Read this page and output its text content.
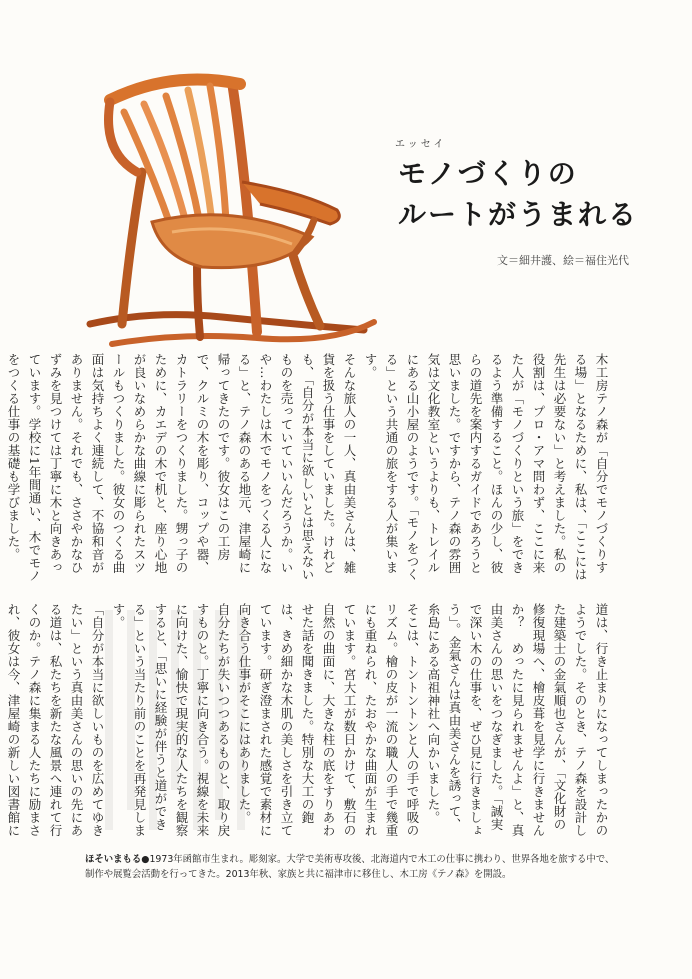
エッセイ
モノづくりの
ルートがうまれる
文＝細井護、絵＝福住光代

木工房テノ森が「自分でモノづくりする場」となるために、私は、「ここには先生は必要ない」と考えました。私の役割は、プロ・アマ問わず、ここに来た人が「モノづくりという旅」をできるよう準備すること。ほんの少し、彼らの道先を案内するガイドであろうと思いました。ですから、テノ森の雰囲気は文化教室というよりも、トレイルにある山小屋のようです。「モノをつくる」という共通の旅をする人が集います。

そんな旅人の一人、真由美さんは、雑貨を扱う仕事をしていました。けれども、「自分が本当に欲しいとは思えないものを売っていていいんだろうか。いや…わたしは木でモノをつくる人になる」と、テノ森のある地元、津屋崎に帰ってきたのです。彼女はこの工房で、クルミの木を彫り、コップや器、カトラリーをつくりました。甥っ子のために、カエデの木で机と、座り心地が良いなめらかな曲線に彫られたスツールもつくりました。彼女のつくる曲面は気持ちよく連続して、不協和音がありません。それでも、ささやかなひずみを見つけては丁寧に木と向きあっています。学校に1年間通い、木でモノをつくる仕事の基礎も学びました。

道は、行き止まりになってしまったかのようでした。そのとき、テノ森を設計した建築士の金氣順也さんが、「文化財の修復現場へ、檜皮葺を見学に行きませんか？　めったに見られませんよ」と、真由美さんの思いをつなぎました。「誠実で深い木の仕事を、ぜひ見に行きましょう」。金氣さんは真由美さんを誘って、糸島にある高祖神社へ向かいました。

そこは、トントントンと人の手で呼吸のリズム。檜の皮が一流の職人の手で幾重にも重ねられ、たおやかな曲面が生まれています。宮大工が数日かけて、敷石の自然の曲面に、大きな柱の底をすりあわせた話を聞きました。特別な大工の鉋は、きめ細かな木肌の美しさを引き立てています。研ぎ澄まされた感覚で素材に向き合う仕事がそこにはありました。

自分たちが失いつつあるものと、取り戻すものと。丁寧に向き合う。視線を未来に向けた、愉快で現実的な人たちを観察すると、「思いに経験が伴うと道ができる」という当たり前のことを再発見します。

「自分が本当に欲しいものを広めてゆきたい」という真由美さんの思いの先にある道は、私たちを新たな風景へ連れて行くのか。テノ森に集まる人たちに励まされ、彼女は今、津屋崎の新しい図書館に

ほそいまもる●1973年函館市生まれ。彫刻家。大学で美術専攻後、北海道内で木工の仕事に携わり、世界各地を旅する中で、制作や展覧会活動を行ってきた。2013年秋、家族と共に福津市に移住し、木工房《テノ森》を開設。
